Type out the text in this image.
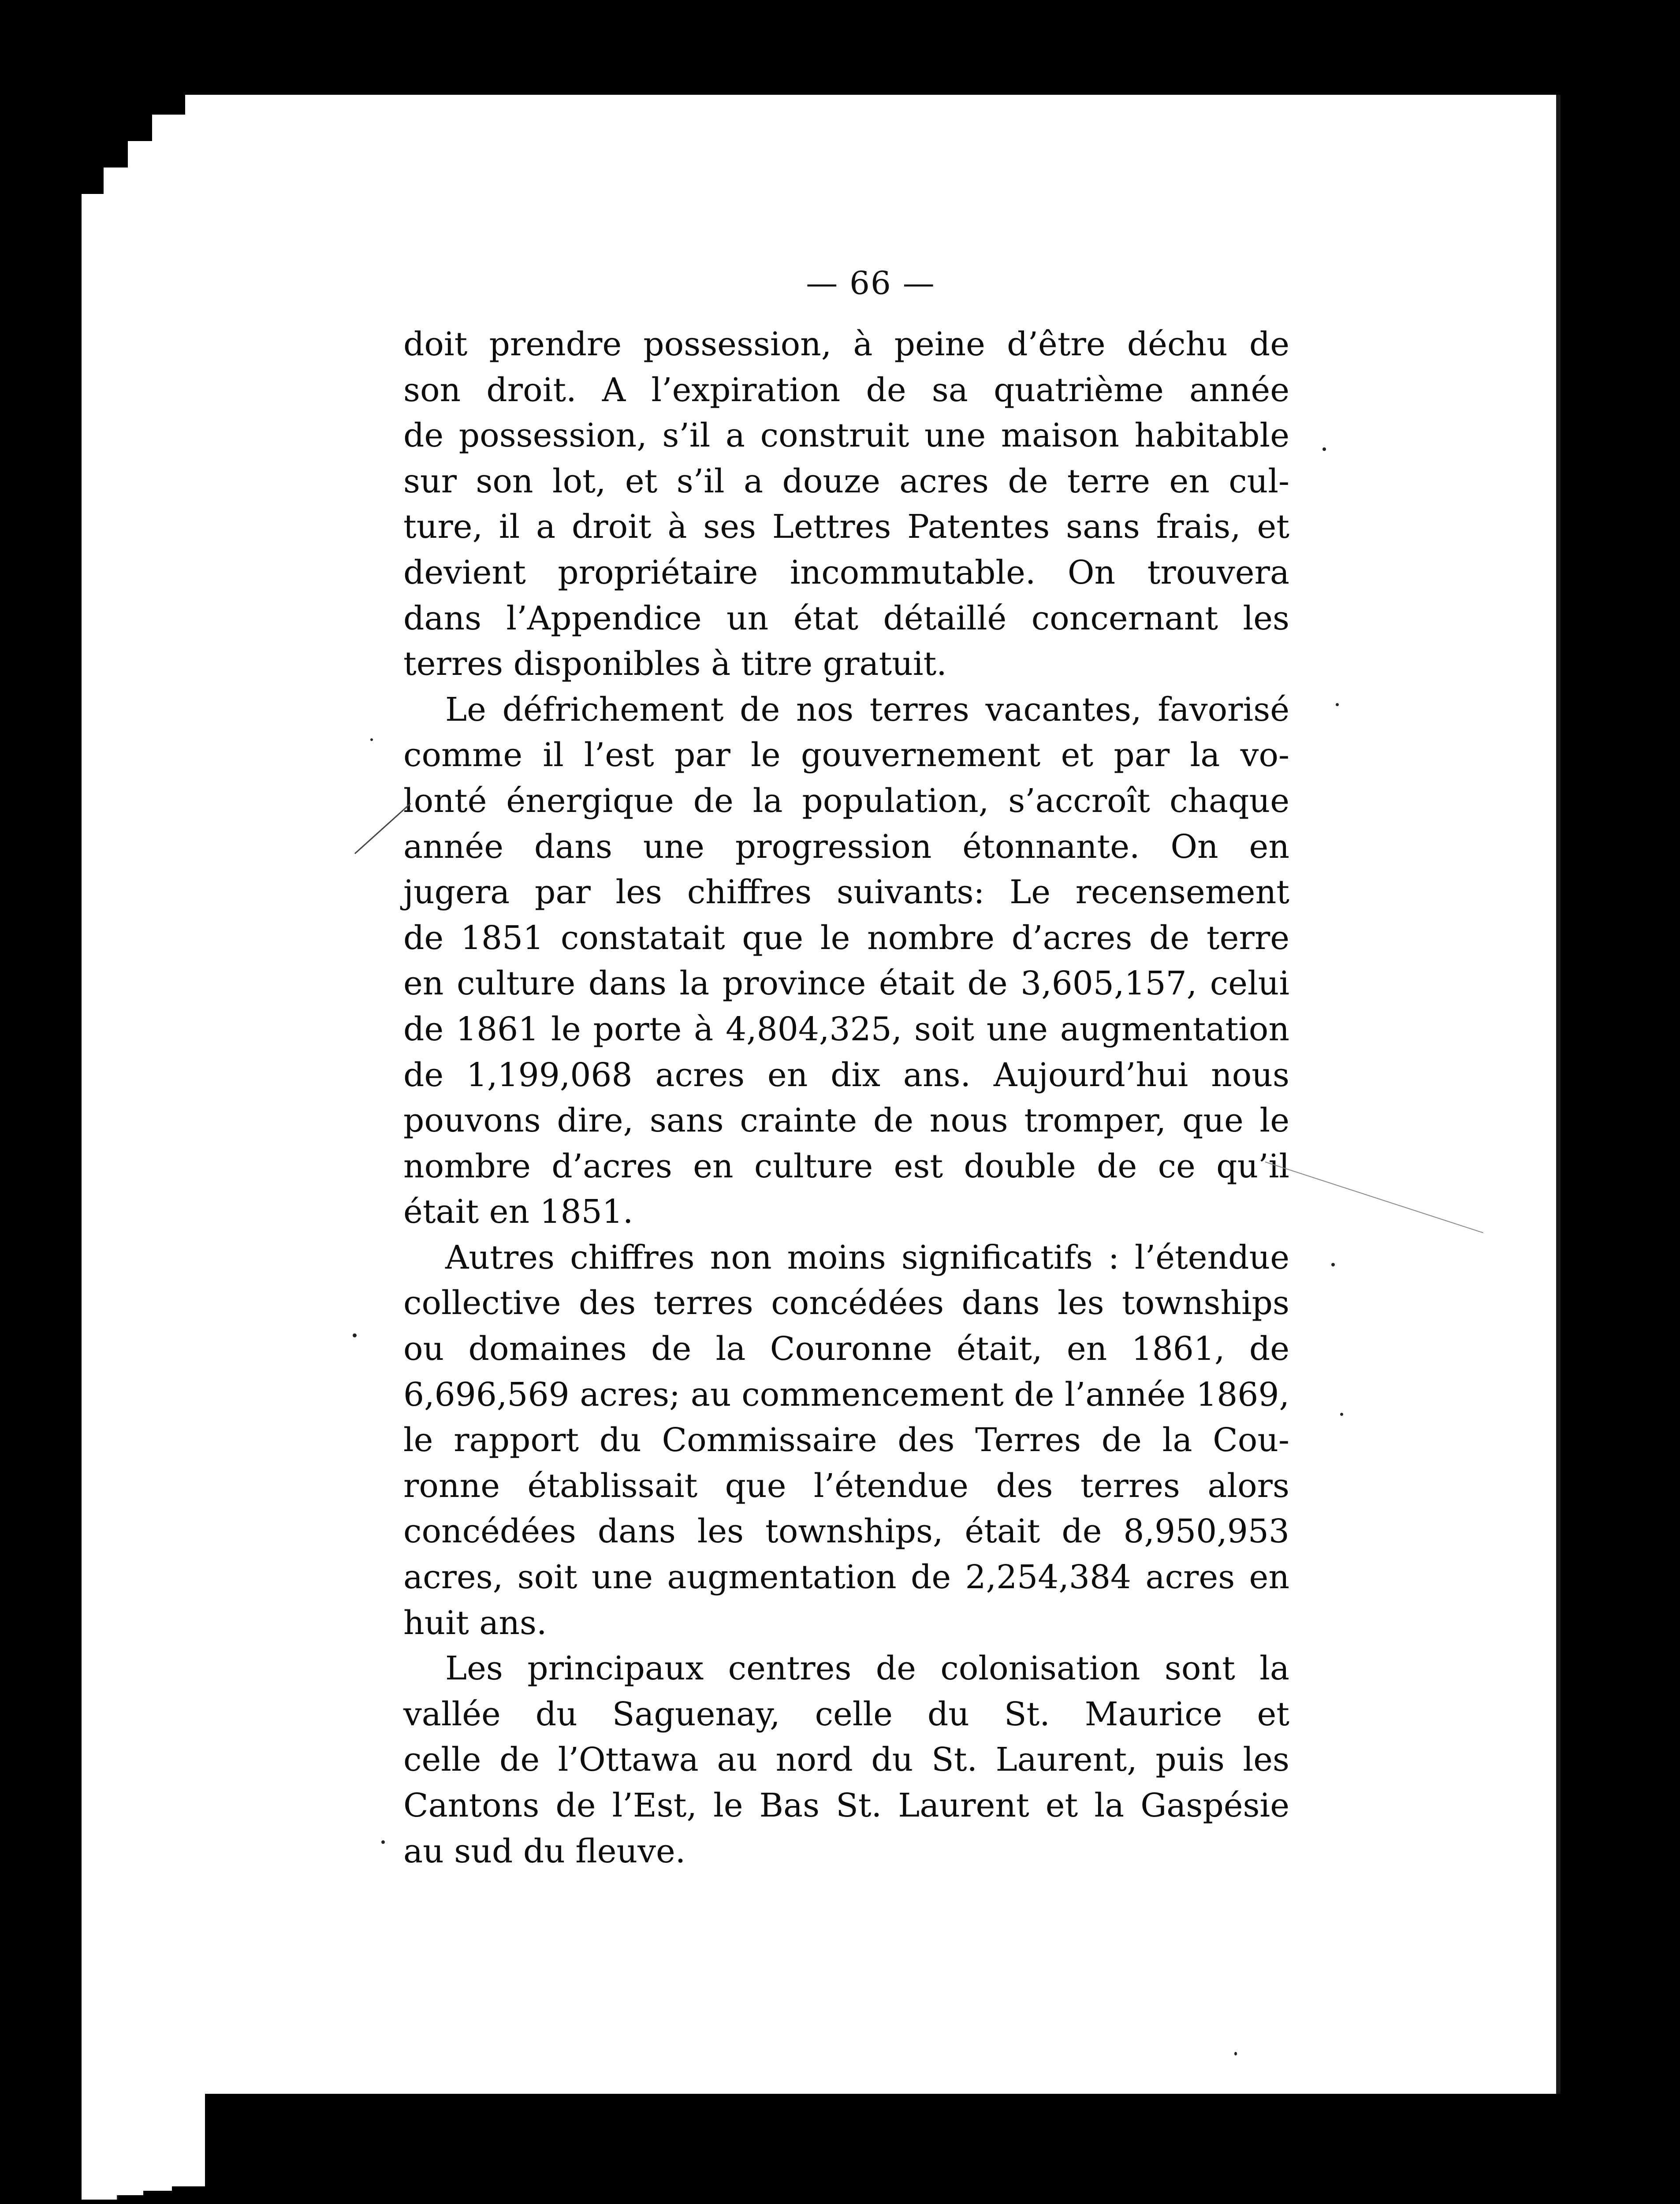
— 66 —

doit prendre possession, à peine d’être déchu de
son droit. A l’expiration de sa quatrième année
de possession, s’il a construit une maison habitable
sur son lot, et s’il a douze acres de terre en cul-
ture, il a droit à ses Lettres Patentes sans frais, et
devient propriétaire incommutable. On trouvera
dans l’Appendice un état détaillé concernant les
terres disponibles à titre gratuit.

Le défrichement de nos terres vacantes, favorisé
comme il l’est par le gouvernement et par la vo-
lonté énergique de la population, s’accroît chaque
année dans une progression étonnante. On en
jugera par les chiffres suivants: Le recensement
de 1851 constatait que le nombre d’acres de terre
en culture dans la province était de 3,605,157, celui
de 1861 le porte à 4,804,325, soit une augmentation
de 1,199,068 acres en dix ans. Aujourd’hui nous
pouvons dire, sans crainte de nous tromper, que le
nombre d’acres en culture est double de ce qu’il
était en 1851.

Autres chiffres non moins significatifs : l’étendue
collective des terres concédées dans les townships
ou domaines de la Couronne était, en 1861, de
6,696,569 acres; au commencement de l’année 1869,
le rapport du Commissaire des Terres de la Cou-
ronne établissait que l’étendue des terres alors
concédées dans les townships, était de 8,950,953
acres, soit une augmentation de 2,254,384 acres en
huit ans.

Les principaux centres de colonisation sont la
vallée du Saguenay, celle du St. Maurice et
celle de l’Ottawa au nord du St. Laurent, puis les
Cantons de l’Est, le Bas St. Laurent et la Gaspésie
au sud du fleuve.
